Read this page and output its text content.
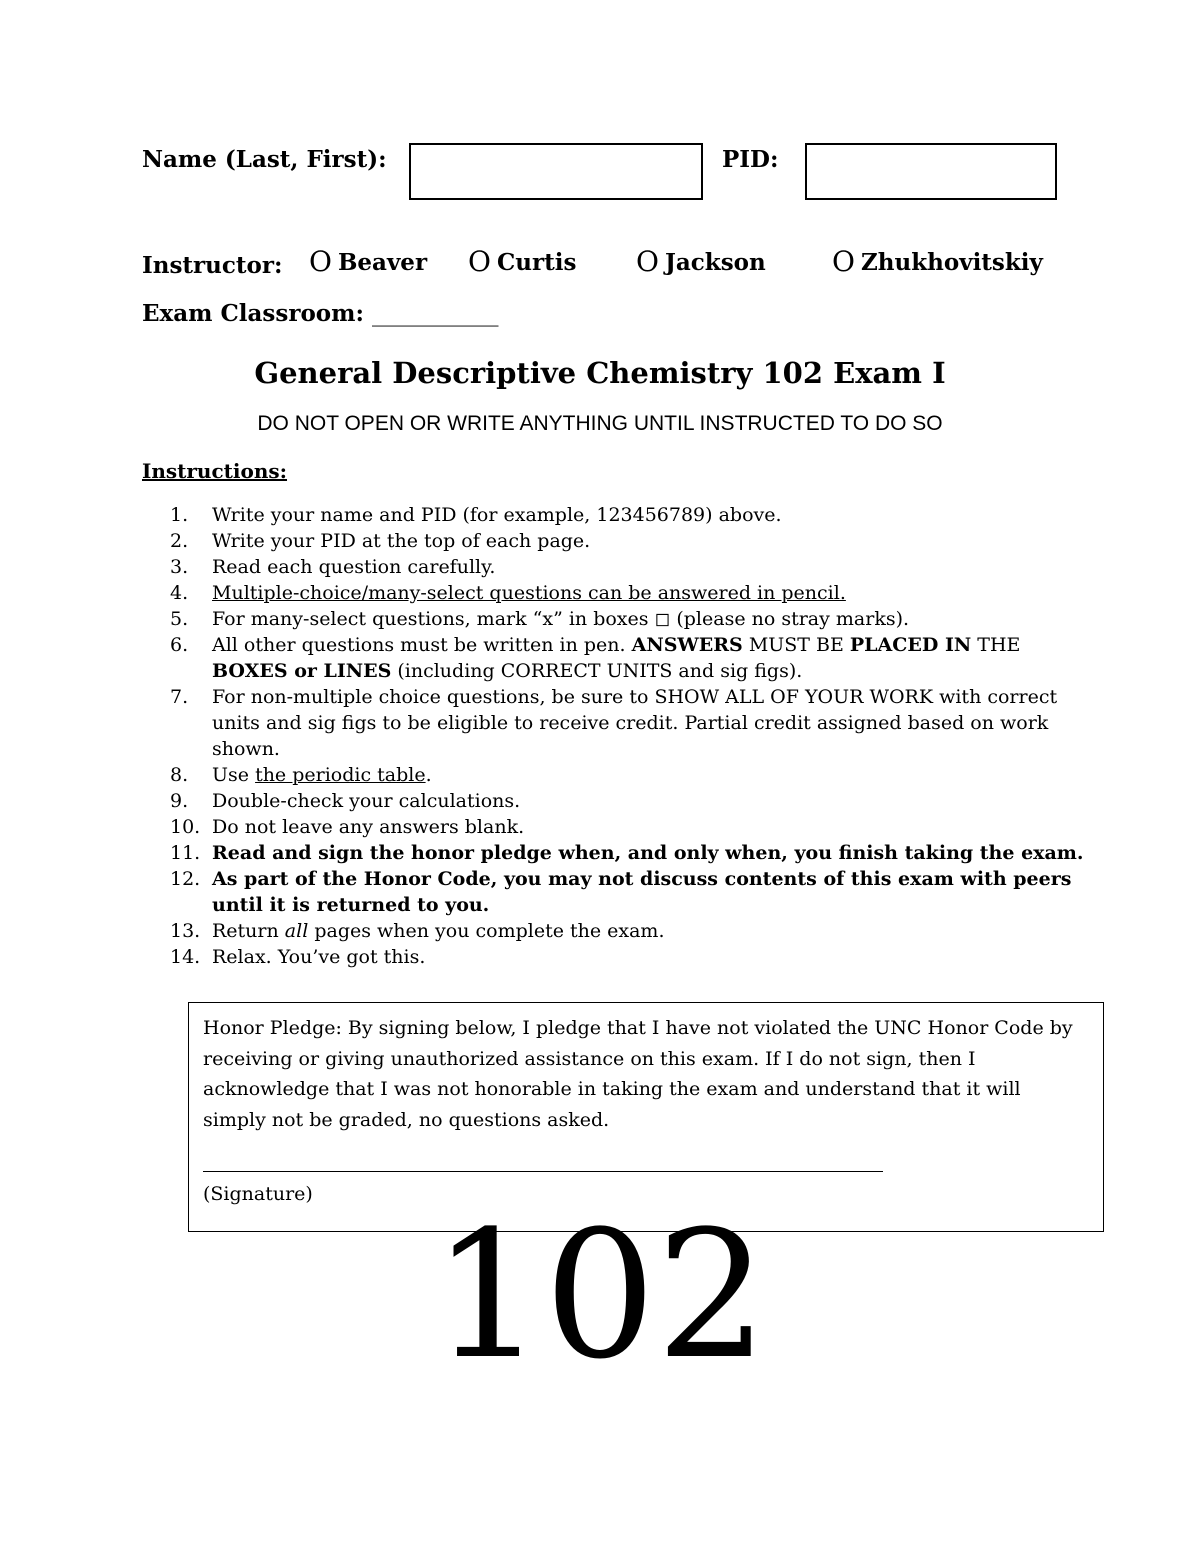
Name (Last, First):	PID:
Instructor: O Beaver O Curtis O Jackson O Zhukhovitskiy
Exam Classroom: ___________
General Descriptive Chemistry 102 Exam I
DO NOT OPEN OR WRITE ANYTHING UNTIL INSTRUCTED TO DO SO
Instructions:
1.	Write your name and PID (for example, 123456789) above.
2.	Write your PID at the top of each page.
3.	Read each question carefully.
4.	Multiple-choice/many-select questions can be answered in pencil.
5.	For many-select questions, mark “x” in boxes ◻ (please no stray marks).
6.	All other questions must be written in pen. ANSWERS MUST BE PLACED IN THE BOXES or LINES (including CORRECT UNITS and sig figs).
7.	For non-multiple choice questions, be sure to SHOW ALL OF YOUR WORK with correct units and sig figs to be eligible to receive credit. Partial credit assigned based on work shown.
8.	Use the periodic table.
9.	Double-check your calculations.
10. Do not leave any answers blank.
11. Read and sign the honor pledge when, and only when, you finish taking the exam.
12. As part of the Honor Code, you may not discuss contents of this exam with peers until it is returned to you.
13. Return all pages when you complete the exam.
14. Relax. You’ve got this.
Honor Pledge: By signing below, I pledge that I have not violated the UNC Honor Code by receiving or giving unauthorized assistance on this exam. If I do not sign, then I acknowledge that I was not honorable in taking the exam and understand that it will simply not be graded, no questions asked.
(Signature) 102
